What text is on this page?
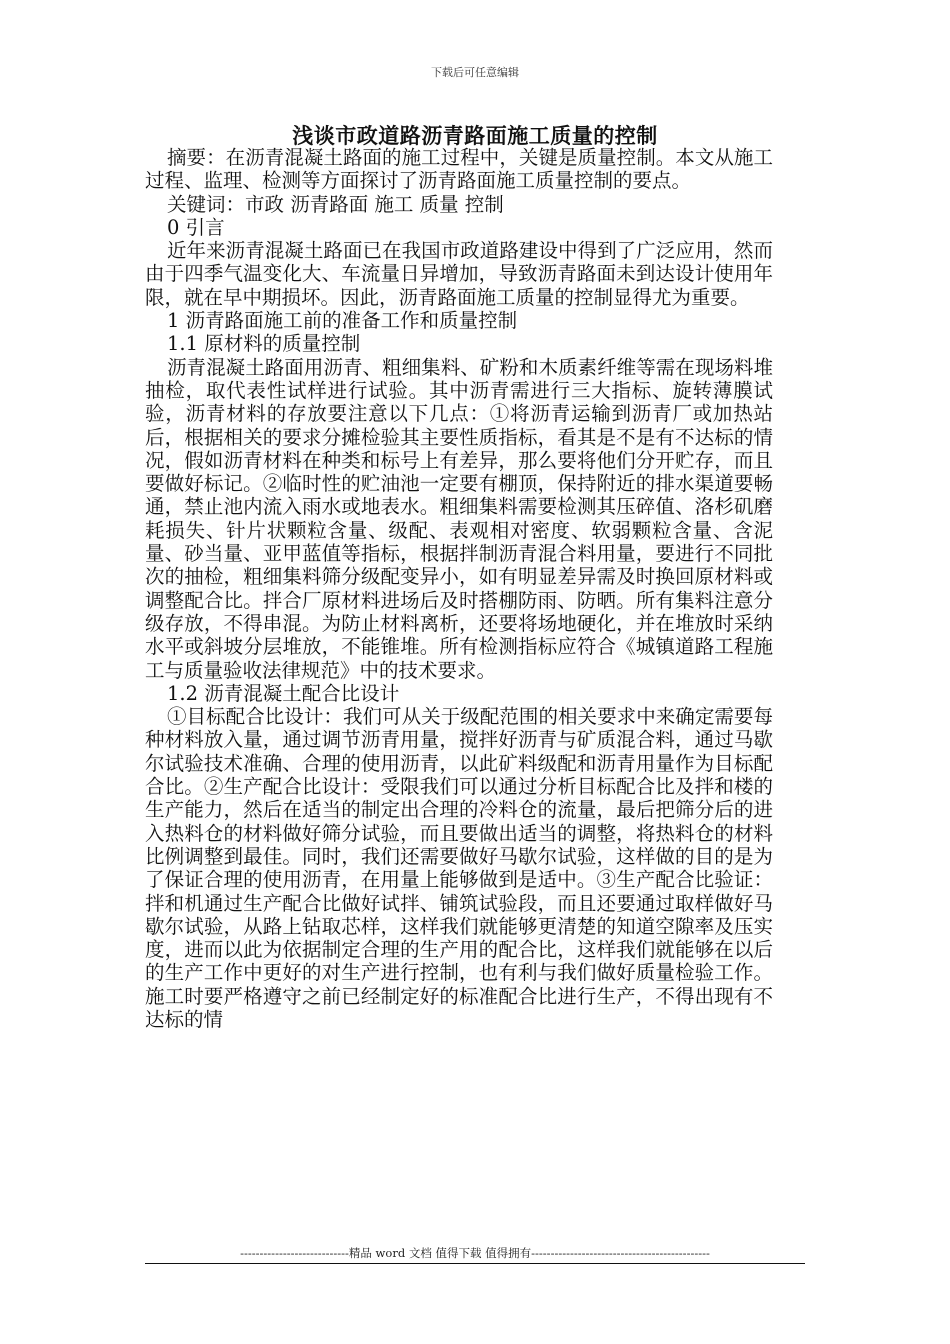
下载后可任意编辑
浅谈市政道路沥青路面施工质量的控制

摘要：在沥青混凝土路面的施工过程中，关键是质量控制。本文从施工过程、监理、检测等方面探讨了沥青路面施工质量控制的要点。

关键词：市政 沥青路面 施工 质量 控制

0 引言

近年来沥青混凝土路面已在我国市政道路建设中得到了广泛应用，然而由于四季气温变化大、车流量日异增加，导致沥青路面未到达设计使用年限，就在早中期损坏。因此，沥青路面施工质量的控制显得尤为重要。

1 沥青路面施工前的准备工作和质量控制

1.1 原材料的质量控制

沥青混凝土路面用沥青、粗细集料、矿粉和木质素纤维等需在现场料堆抽检，取代表性试样进行试验。其中沥青需进行三大指标、旋转薄膜试验，沥青材料的存放要注意以下几点：①将沥青运输到沥青厂或加热站后，根据相关的要求分摊检验其主要性质指标，看其是不是有不达标的情况，假如沥青材料在种类和标号上有差异，那么要将他们分开贮存，而且要做好标记。②临时性的贮油池一定要有棚顶，保持附近的排水渠道要畅通，禁止池内流入雨水或地表水。粗细集料需要检测其压碎值、洛杉矶磨耗损失、针片状颗粒含量、级配、表观相对密度、软弱颗粒含量、含泥量、砂当量、亚甲蓝值等指标，根据拌制沥青混合料用量，要进行不同批次的抽检，粗细集料筛分级配变异小，如有明显差异需及时换回原材料或调整配合比。拌合厂原材料进场后及时搭棚防雨、防晒。所有集料注意分级存放，不得串混。为防止材料离析，还要将场地硬化，并在堆放时采纳水平或斜坡分层堆放，不能锥堆。所有检测指标应符合《城镇道路工程施工与质量验收法律规范》中的技术要求。

1.2 沥青混凝土配合比设计

①目标配合比设计：我们可从关于级配范围的相关要求中来确定需要每种材料放入量，通过调节沥青用量，搅拌好沥青与矿质混合料，通过马歇尔试验技术准确、合理的使用沥青，以此矿料级配和沥青用量作为目标配合比。②生产配合比设计：受限我们可以通过分析目标配合比及拌和楼的生产能力，然后在适当的制定出合理的冷料仓的流量，最后把筛分后的进入热料仓的材料做好筛分试验，而且要做出适当的调整，将热料仓的材料比例调整到最佳。同时，我们还需要做好马歇尔试验，这样做的目的是为了保证合理的使用沥青，在用量上能够做到是适中。③生产配合比验证：拌和机通过生产配合比做好试拌、铺筑试验段，而且还要通过取样做好马歇尔试验，从路上钻取芯样，这样我们就能够更清楚的知道空隙率及压实度，进而以此为依据制定合理的生产用的配合比，这样我们就能够在以后的生产工作中更好的对生产进行控制，也有利与我们做好质量检验工作。施工时要严格遵守之前已经制定好的标准配合比进行生产，不得出现有不达标的情

----------------------------精品 word 文档 值得下载 值得拥有----------------------------------------------
